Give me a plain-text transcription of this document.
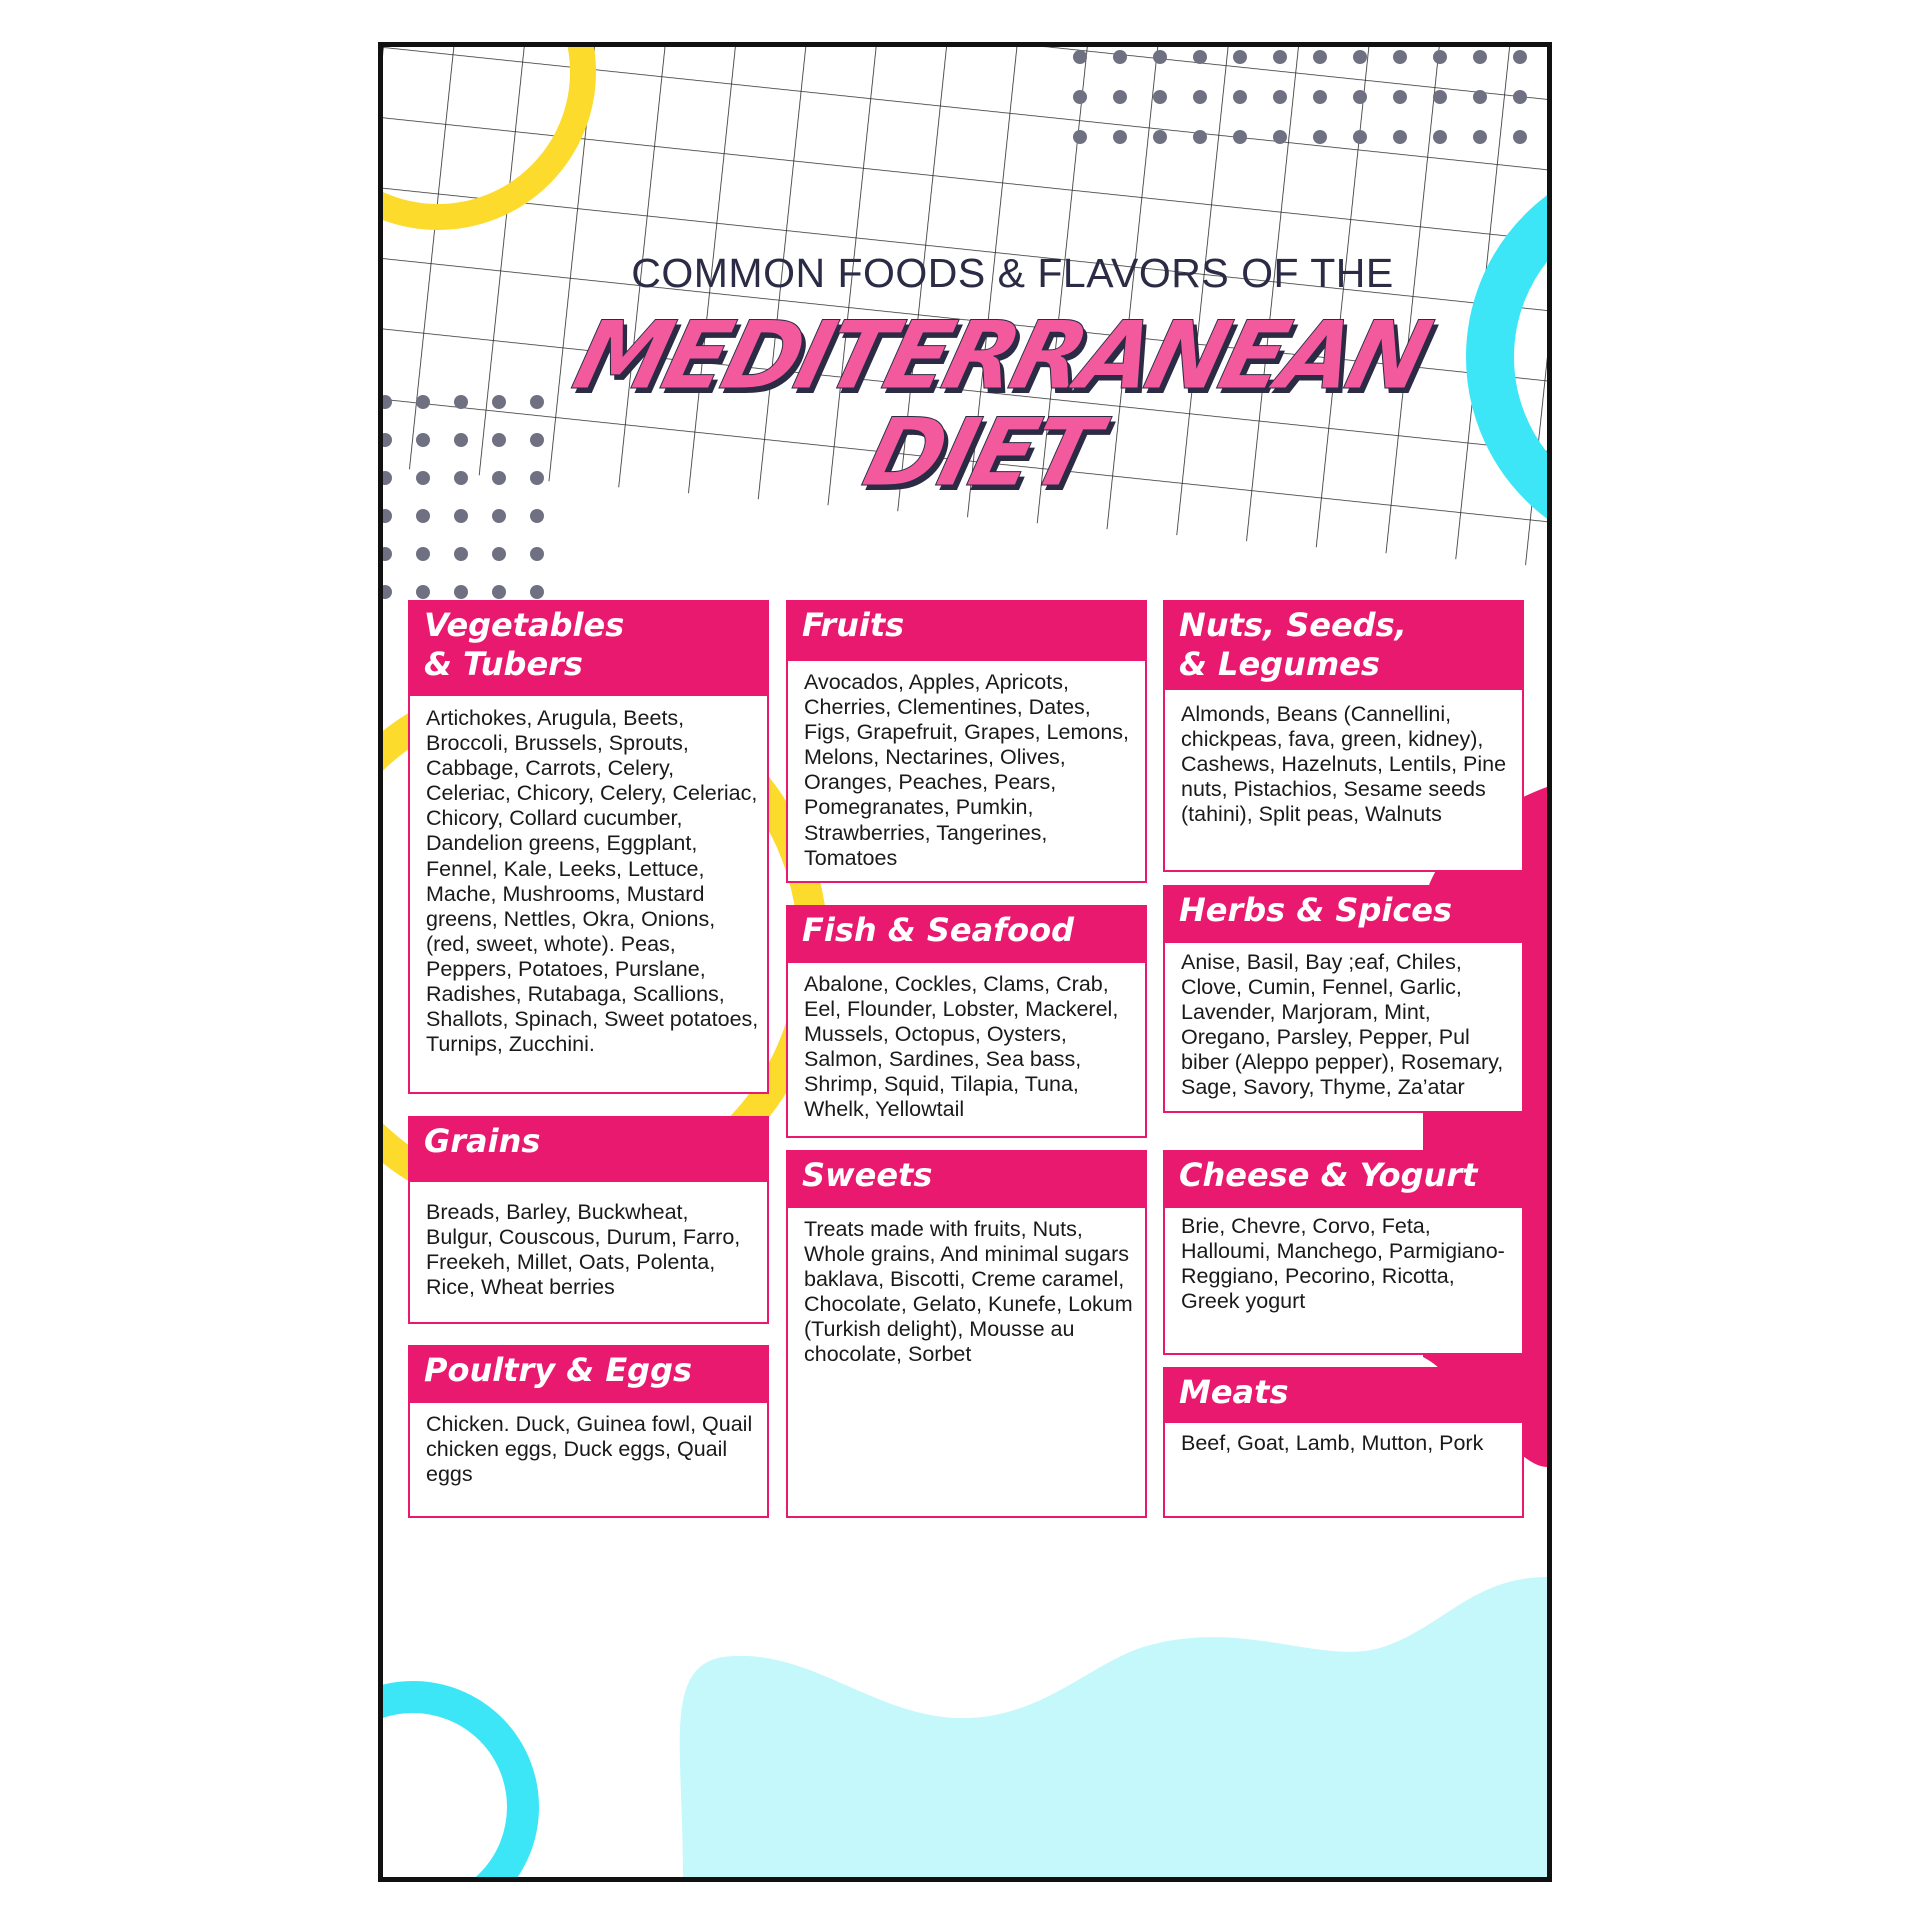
COMMON FOODS & FLAVORS OF THE
MEDITERRANEAN
DIET
Vegetables
& Tubers
Artichokes, Arugula, Beets, Broccoli, Brussels, Sprouts, Cabbage, Carrots, Celery, Celeriac, Chicory, Celery, Celeriac, Chicory, Collard cucumber, Dandelion greens, Eggplant, Fennel, Kale, Leeks, Lettuce, Mache, Mushrooms, Mustard greens, Nettles, Okra, Onions, (red, sweet, whote). Peas, Peppers, Potatoes, Purslane, Radishes, Rutabaga, Scallions, Shallots, Spinach, Sweet potatoes, Turnips, Zucchini.
Grains
Breads, Barley, Buckwheat, Bulgur, Couscous, Durum, Farro, Freekeh, Millet, Oats, Polenta, Rice, Wheat berries
Poultry & Eggs
Chicken. Duck, Guinea fowl, Quail chicken eggs, Duck eggs, Quail eggs
Fruits
Avocados, Apples, Apricots, Cherries, Clementines, Dates, Figs, Grapefruit, Grapes, Lemons, Melons, Nectarines, Olives, Oranges, Peaches, Pears, Pomegranates, Pumkin, Strawberries, Tangerines, Tomatoes
Fish & Seafood
Abalone, Cockles, Clams, Crab, Eel, Flounder, Lobster, Mackerel, Mussels, Octopus, Oysters, Salmon, Sardines, Sea bass, Shrimp, Squid, Tilapia, Tuna, Whelk, Yellowtail
Sweets
Treats made with fruits, Nuts, Whole grains, And minimal sugars baklava, Biscotti, Creme caramel, Chocolate, Gelato, Kunefe, Lokum (Turkish delight), Mousse au chocolate, Sorbet
Nuts, Seeds,
& Legumes
Almonds, Beans (Cannellini, chickpeas, fava, green, kidney), Cashews, Hazelnuts, Lentils, Pine nuts, Pistachios, Sesame seeds (tahini), Split peas, Walnuts
Herbs & Spices
Anise, Basil, Bay ;eaf, Chiles, Clove, Cumin, Fennel, Garlic, Lavender, Marjoram, Mint, Oregano, Parsley, Pepper, Pul biber (Aleppo pepper), Rosemary, Sage, Savory, Thyme, Za’atar
Cheese & Yogurt
Brie, Chevre, Corvo, Feta, Halloumi, Manchego, Parmigiano-Reggiano, Pecorino, Ricotta, Greek yogurt
Meats
Beef, Goat, Lamb, Mutton, Pork
